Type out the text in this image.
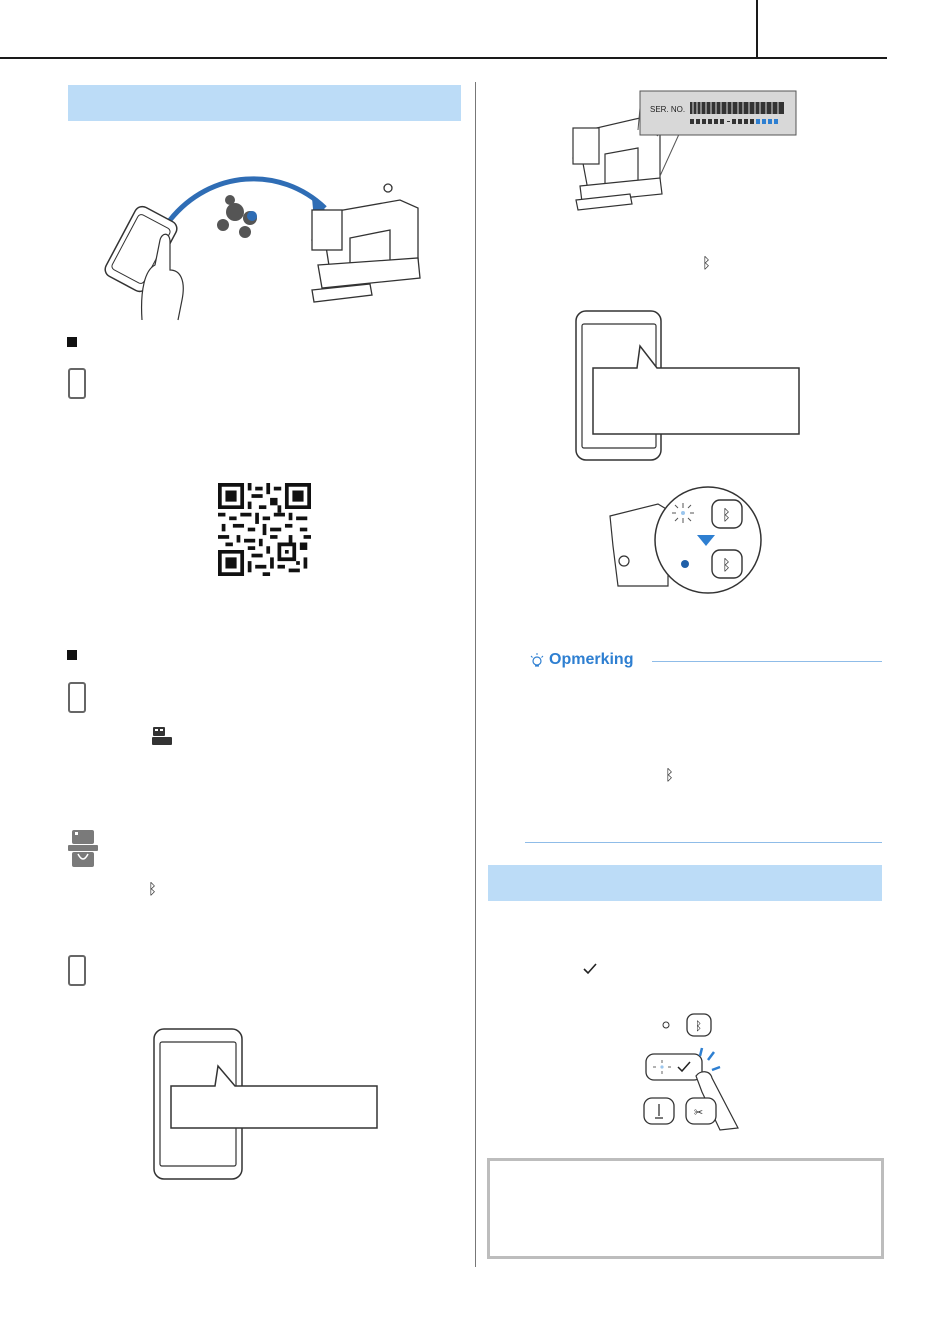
ᛒ
SER. NO.
ᛒ
ᛒ
ᛒ
Opmerking
ᛒ
ᛒ
✂
